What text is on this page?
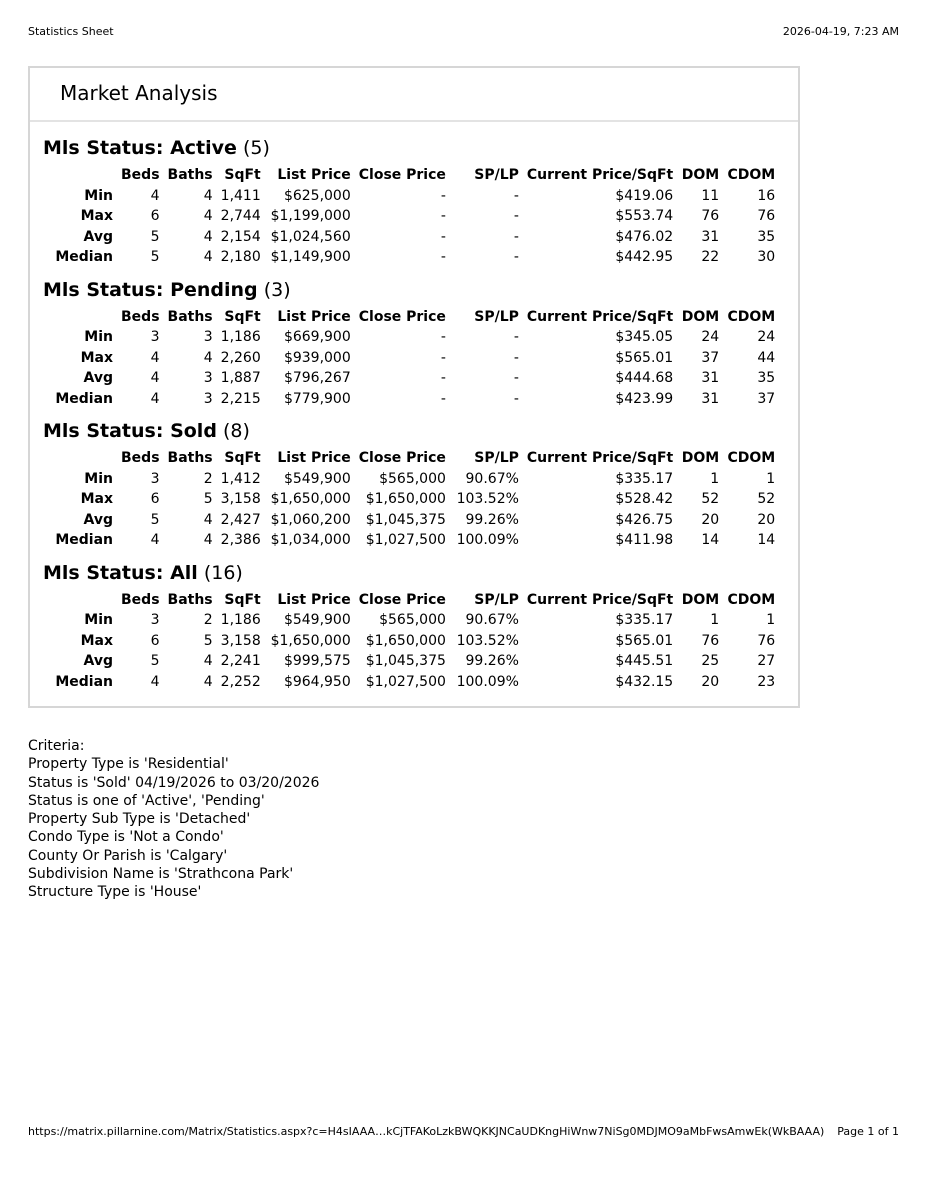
Statistics Sheet	2026-04-19, 7:23 AM
Market Analysis
Mls Status: Active (5)
	Beds	Baths	SqFt	List Price	Close Price	SP/LP	Current Price/SqFt	DOM	CDOM
Min	4	4	1,411	$625,000	-	-	$419.06	11	16
Max	6	4	2,744	$1,199,000	-	-	$553.74	76	76
Avg	5	4	2,154	$1,024,560	-	-	$476.02	31	35
Median	5	4	2,180	$1,149,900	-	-	$442.95	22	30
Mls Status: Pending (3)
	Beds	Baths	SqFt	List Price	Close Price	SP/LP	Current Price/SqFt	DOM	CDOM
Min	3	3	1,186	$669,900	-	-	$345.05	24	24
Max	4	4	2,260	$939,000	-	-	$565.01	37	44
Avg	4	3	1,887	$796,267	-	-	$444.68	31	35
Median	4	3	2,215	$779,900	-	-	$423.99	31	37
Mls Status: Sold (8)
	Beds	Baths	SqFt	List Price	Close Price	SP/LP	Current Price/SqFt	DOM	CDOM
Min	3	2	1,412	$549,900	$565,000	90.67%	$335.17	1	1
Max	6	5	3,158	$1,650,000	$1,650,000	103.52%	$528.42	52	52
Avg	5	4	2,427	$1,060,200	$1,045,375	99.26%	$426.75	20	20
Median	4	4	2,386	$1,034,000	$1,027,500	100.09%	$411.98	14	14
Mls Status: All (16)
	Beds	Baths	SqFt	List Price	Close Price	SP/LP	Current Price/SqFt	DOM	CDOM
Min	3	2	1,186	$549,900	$565,000	90.67%	$335.17	1	1
Max	6	5	3,158	$1,650,000	$1,650,000	103.52%	$565.01	76	76
Avg	5	4	2,241	$999,575	$1,045,375	99.26%	$445.51	25	27
Median	4	4	2,252	$964,950	$1,027,500	100.09%	$432.15	20	23
Criteria:
Property Type is 'Residential'
Status is 'Sold' 04/19/2026 to 03/20/2026
Status is one of 'Active', 'Pending'
Property Sub Type is 'Detached'
Condo Type is 'Not a Condo'
County Or Parish is 'Calgary'
Subdivision Name is 'Strathcona Park'
Structure Type is 'House'
https://matrix.pillarnine.com/Matrix/Statistics.aspx?c=H4sIAAA…kCjTFAKoLzkBWQKKJNCaUDKngHiWnw7NiSg0MDJMO9aMbFwsAmwEk(WkBAAA) Page 1 of 1
